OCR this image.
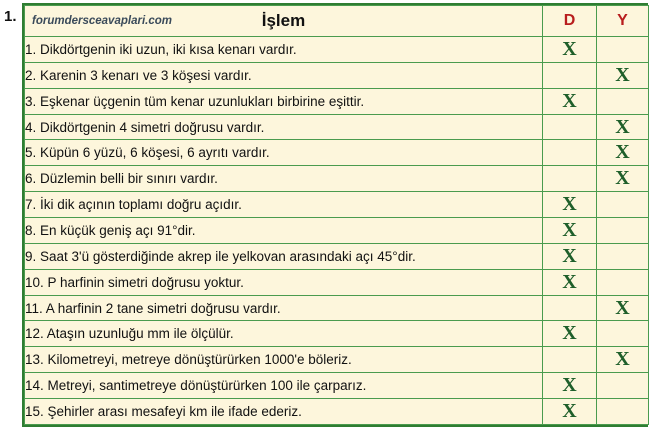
1. forumdersceavaplari.com İşlem	D	Y
1. Dikdörtgenin iki uzun, iki kısa kenarı vardır.	X	
2. Karenin 3 kenarı ve 3 köşesi vardır.		X
3. Eşkenar üçgenin tüm kenar uzunlukları birbirine eşittir.	X	
4. Dikdörtgenin 4 simetri doğrusu vardır.		X
5. Küpün 6 yüzü, 6 köşesi, 6 ayrıtı vardır.		X
6. Düzlemin belli bir sınırı vardır.		X
7. İki dik açının toplamı doğru açıdır.	X	
8. En küçük geniş açı 91°dir.	X	
9. Saat 3'ü gösterdiğinde akrep ile yelkovan arasındaki açı 45°dir.	X	
10. P harfinin simetri doğrusu yoktur.	X	
11. A harfinin 2 tane simetri doğrusu vardır.		X
12. Ataşın uzunluğu mm ile ölçülür.	X	
13. Kilometreyi, metreye dönüştürürken 1000'e böleriz.		X
14. Metreyi, santimetreye dönüştürürken 100 ile çarparız.	X	
15. Şehirler arası mesafeyi km ile ifade ederiz.	X	
